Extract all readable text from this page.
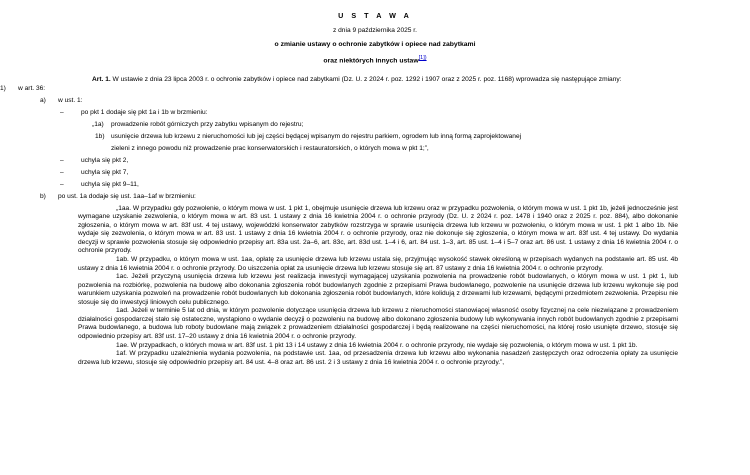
U S T A W A
z dnia 9 października 2025 r.
o zmianie ustawy o ochronie zabytków i opiece nad zabytkami
oraz niektórych innych ustaw$^{[1])}$

Art. 1. W ustawie z dnia 23 lipca 2003 r. o ochronie zabytków i opiece nad zabytkami (Dz. U. z 2024 r. poz. 1292 i 1907 oraz z 2025 r. poz. 1168) wprowadza się następujące zmiany:

1) w art. 36:
a) w ust. 1:
–	po pkt 1 dodaje się pkt 1a i 1b w brzmieniu:
„1a) prowadzenie robót górniczych przy zabytku wpisanym do rejestru;
1b) usunięcie drzewa lub krzewu z nieruchomości lub jej części będącej wpisanym do rejestru parkiem, ogrodem lub inną formą zaprojektowanej
zieleni z innego powodu niż prowadzenie prac konserwatorskich i restauratorskich, o których mowa w pkt 1;”,
–	uchyla się pkt 2,
–	uchyla się pkt 7,
–	uchyla się pkt 9–11,
b) po ust. 1a dodaje się ust. 1aa–1af w brzmieniu:

„1aa. W przypadku gdy pozwolenie, o którym mowa w ust. 1 pkt 1, obejmuje usunięcie drzewa lub krzewu oraz w przypadku pozwolenia, o którym mowa w ust. 1 pkt 1b, jeżeli jednocześnie jest wymagane uzyskanie zezwolenia, o którym mowa w art. 83 ust. 1 ustawy z dnia 16 kwietnia 2004 r. o ochronie przyrody (Dz. U. z 2024 r. poz. 1478 i 1940 oraz z 2025 r. poz. 884), albo dokonanie zgłoszenia, o którym mowa w art. 83f ust. 4 tej ustawy, wojewódzki konserwator zabytków rozstrzyga w sprawie usunięcia drzewa lub krzewu w pozwoleniu, o którym mowa w ust. 1 pkt 1 albo 1b. Nie wydaje się zezwolenia, o którym mowa w art. 83 ust. 1 ustawy z dnia 16 kwietnia 2004 r. o ochronie przyrody, oraz nie dokonuje się zgłoszenia, o którym mowa w art. 83f ust. 4 tej ustawy. Do wydania decyzji w sprawie pozwolenia stosuje się odpowiednio przepisy art. 83a ust. 2a–6, art. 83c, art. 83d ust. 1–4 i 6, art. 84 ust. 1–3, art. 85 ust. 1–4 i 5–7 oraz art. 86 ust. 1 ustawy z dnia 16 kwietnia 2004 r. o ochronie przyrody.

1ab. W przypadku, o którym mowa w ust. 1aa, opłatę za usunięcie drzewa lub krzewu ustala się, przyjmując wysokość stawek określoną w przepisach wydanych na podstawie art. 85 ust. 4b ustawy z dnia 16 kwietnia 2004 r. o ochronie przyrody. Do uiszczenia opłat za usunięcie drzewa lub krzewu stosuje się art. 87 ustawy z dnia 16 kwietnia 2004 r. o ochronie przyrody.

1ac. Jeżeli przyczyną usunięcia drzewa lub krzewu jest realizacja inwestycji wymagającej uzyskania pozwolenia na prowadzenie robót budowlanych, o którym mowa w ust. 1 pkt 1, lub pozwolenia na rozbiórkę, pozwolenia na budowę albo dokonania zgłoszenia robót budowlanych zgodnie z przepisami Prawa budowlanego, pozwolenie na usunięcie drzewa lub krzewu wykonuje się pod warunkiem uzyskania pozwoleń na prowadzenie robót budowlanych lub dokonania zgłoszenia robót budowlanych, które kolidują z drzewami lub krzewami, będącymi przedmiotem zezwolenia. Przepisu nie stosuje się do inwestycji liniowych celu publicznego.

1ad. Jeżeli w terminie 5 lat od dnia, w którym pozwolenie dotyczące usunięcia drzewa lub krzewu z nieruchomości stanowiącej własność osoby fizycznej na cele niezwiązane z prowadzeniem działalności gospodarczej stało się ostateczne, wystąpiono o wydanie decyzji o pozwoleniu na budowę albo dokonano zgłoszenia budowy lub wykonywania innych robót budowlanych zgodnie z przepisami Prawa budowlanego, a budowa lub roboty budowlane mają związek z prowadzeniem działalności gospodarczej i będą realizowane na części nieruchomości, na której rosło usunięte drzewo, stosuje się odpowiednio przepisy art. 83f ust. 17–20 ustawy z dnia 16 kwietnia 2004 r. o ochronie przyrody.

1ae. W przypadkach, o których mowa w art. 83f ust. 1 pkt 13 i 14 ustawy z dnia 16 kwietnia 2004 r. o ochronie przyrody, nie wydaje się pozwolenia, o którym mowa w ust. 1 pkt 1b.

1af. W przypadku uzależnienia wydania pozwolenia, na podstawie ust. 1aa, od przesadzenia drzewa lub krzewu albo wykonania nasadzeń zastępczych oraz odroczenia opłaty za usunięcie drzewa lub krzewu, stosuje się odpowiednio przepisy art. 84 ust. 4–8 oraz art. 86 ust. 2 i 3 ustawy z dnia 16 kwietnia 2004 r. o ochronie przyrody.”,
